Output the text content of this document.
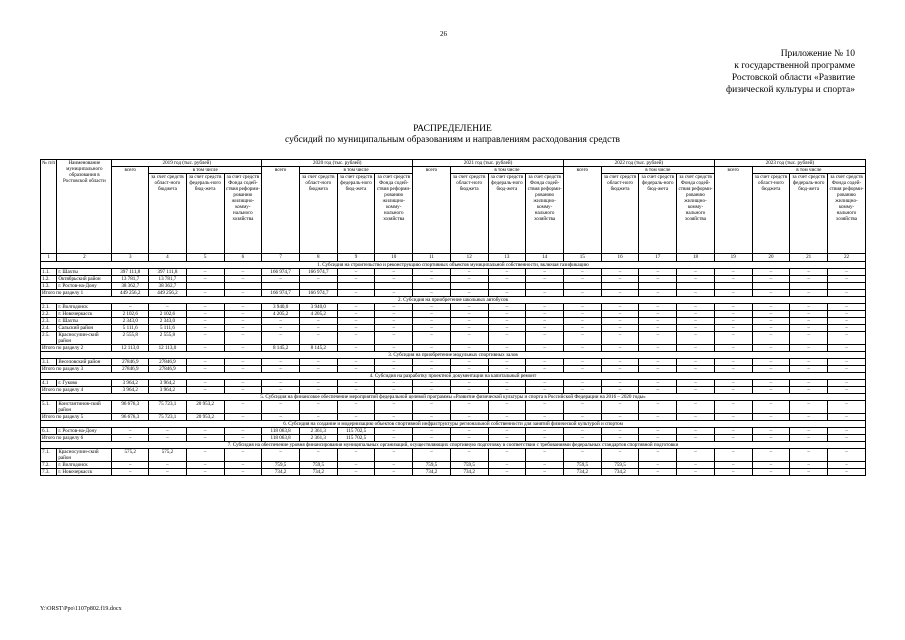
26
Приложение № 10
к государственной программе
Ростовской области «Развитие
физической культуры и спорта»
РАСПРЕДЕЛЕНИЕ
субсидий по муниципальным образованиям и направлениям расходования средств
№ п/п	Наименование муниципального образования в Ростовской области	2019 год (тыс. рублей)				2020 год (тыс. рублей)				2021 год (тыс. рублей)				2022 год (тыс. рублей)				2023 год (тыс. рублей)			
		всего	в том числе			всего	в том числе			всего	в том числе			всего	в том числе			всего	в том числе		
			за счет средств област-ного бюджета	за счет средств федераль-ного бюд-жета	за счет средств Фонда содей-ствия реформи-рованию жилищно-комму-нального хозяйства		за счет средств област-ного бюджета	за счет средств федераль-ного бюд-жета	за счет средств Фонда содей-ствия реформи-рованию жилищно-комму-нального хозяйства		за счет средств област-ного бюджета	за счет средств федераль-ного бюд-жета	за счет средств Фонда содей-ствия реформи-рованию жилищно-комму-нального хозяйства		за счет средств област-ного бюджета	за счет средств федераль-ного бюд-жета	за счет средств Фонда содей-ствия реформи-рованию жилищно-комму-нального хозяйства		за счет средств област-ного бюджета	за счет средств федераль-ного бюд-жета	за счет средств Фонда содей-ствия реформи-рованию жилищно-комму-нального хозяйства
1	2	3	4	5	6	7	8	9	10	11	12	13	14	15	16	17	18	19	20	21	22
1. Субсидия на строительство и реконструкцию спортивных объектов муниципальной собственности, включая газификацию																					
1.1.	г. Шахты	397 111,8	397 111,8	–	–	166 974,7	166 974,7	–	–	–	–	–	–	–	–	–	–	–	–	–	–
1.2.	Октябрьский район	13 781,7	13 781,7	–	–	–	–	–	–	–	–	–	–	–	–	–	–	–	–	–	–
1.3.	г. Ростов-на-Дону	38 362,7	38 362,7																		
Итого по разделу 1		449 256,2	449 256,2	–	–	166 974,7	166 974,7	–	–	–	–	–	–	–	–	–	–	–	–	–	–
2. Субсидия на приобретение школьных автобусов																					
2.1.	г. Волгодонск	–	–	–	–	3 940,0	3 940,0	–	–	–	–	–	–	–	–	–	–	–	–	–	–
2.2.	г. Новочеркасск	2 102,6	2 102,6	–	–	4 205,2	4 205,2	–	–	–	–	–	–	–	–	–	–	–	–	–	–
2.3.	г. Шахты	2 343,0	2 343,0	–	–	–	–	–	–	–	–	–	–	–	–	–	–	–	–	–	–
2.4.	Сальский район	5 111,6	5 111,6	–	–	–	–	–	–	–	–	–	–	–	–	–	–	–	–	–	–
2.5.	Красносулин-ский район	2 555,8	2 555,8	–	–	–	–	–	–	–	–	–	–	–	–	–	–	–	–	–	–
Итого по разделу 2		12 113,0	12 113,0	–	–	8 145,2	8 145,2	–	–	–	–	–	–	–	–	–	–	–	–	–	–
3. Субсидия на приобретение модульных спортивных залов																					
3.1.	Веселовский район	27846,9	27846,9	–	–	–	–	–	–	–	–	–	–	–	–	–	–	–	–	–	–
Итого по разделу 3		27846,9	27846,9	–	–	–	–	–	–	–	–	–	–	–	–	–	–	–	–	–	–
4. Субсидия на разработку проектной документации на капитальный ремонт																					
4.1	г. Гуково	3 964,2	3 964,2	–	–	–	–	–	–	–	–	–	–	–	–	–	–	–	–	–	–
Итого по разделу 4		3 964,2	3 964,2	–	–	–	–	–	–	–	–	–	–	–	–	–	–	–	–	–	–
5. Субсидия на финансовое обеспечение мероприятий федеральной целевой программы «Развитие физической культуры и спорта в Российской Федерации на 2016 – 2020 годы»																					
5.1.	Константинов-ский район	96 676,3	75 723,1	20 953,2	–	–	–	–	–	–	–	–	–	–	–	–	–	–	–	–	–
Итого по разделу 5		96 676,3	75 723,1	20 953,2	–	–	–	–	–	–	–	–	–	–	–	–	–	–	–	–	–
6. Субсидия на создание и модернизацию объектов спортивной инфраструктуры региональной собственности для занятий физической культурой и спортом																					
6.1.	г. Ростов-на-Дону	–	–	–	–	118 063,8	2 361,3	115 702,5	–	–	–	–	–	–	–	–	–	–	–	–	–
Итого по разделу 6		–	–	–	–	118 063,8	2 361,3	115 702,5	–	–	–	–	–	–	–	–	–	–	–	–	–
7. Субсидия на обеспечение уровня финансирования муниципальных организаций, осуществляющих спортивную подготовку в соответствии с требованиями федеральных стандартов спортивной подготовки																					
7.1.	Красносулин-ский район	575,2	575,2	–	–	–	–	–	–	–	–	–	–	–	–	–	–	–	–	–	–
7.2.	г. Волгодонск	–	–	–	–	759,5	759,5	–	–	759,5	759,5	–	–	759,5	759,5	–	–	–	–	–	–
7.3.	г. Новочеркасск	–	–	–	–	734,2	734,2	–	–	734,2	734,2	–	–	734,2	734,2	–	–	–	–	–	–
Y:\ORST\Ppo\1107p802.f19.docx
